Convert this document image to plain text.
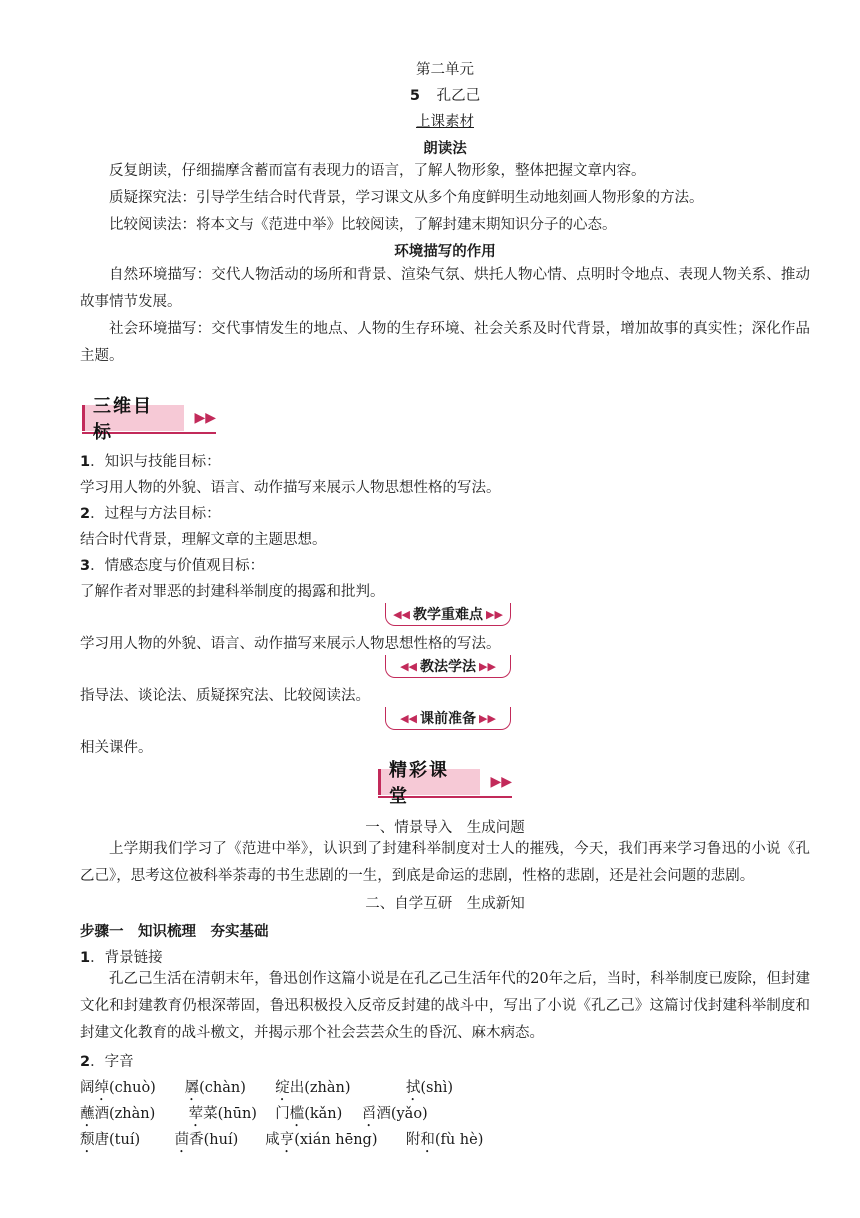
第二单元
5 孔乙己
上课素材
朗读法
反复朗读，仔细揣摩含蓄而富有表现力的语言，了解人物形象，整体把握文章内容。
质疑探究法：引导学生结合时代背景，学习课文从多个角度鲜明生动地刻画人物形象的方法。
比较阅读法：将本文与《范进中举》比较阅读，了解封建末期知识分子的心态。
环境描写的作用
自然环境描写：交代人物活动的场所和背景、渲染气氛、烘托人物心情、点明时令地点、表现人物关系、推动故事情节发展。
社会环境描写：交代事情发生的地点、人物的生存环境、社会关系及时代背景，增加故事的真实性；深化作品主题。
三维目标
▶▶
1．知识与技能目标：
学习用人物的外貌、语言、动作描写来展示人物思想性格的写法。
2．过程与方法目标：
结合时代背景，理解文章的主题思想。
3．情感态度与价值观目标：
了解作者对罪恶的封建科举制度的揭露和批判。
◀◀ 教学重难点 ▶▶
学习用人物的外貌、语言、动作描写来展示人物思想性格的写法。
◀◀ 教法学法 ▶▶
指导法、谈论法、质疑探究法、比较阅读法。
◀◀ 课前准备 ▶▶
相关课件。
精彩课堂
▶▶
一、情景导入　生成问题
上学期我们学习了《范进中举》，认识到了封建科举制度对士人的摧残，今天，我们再来学习鲁迅的小说《孔乙己》，思考这位被科举荼毒的书生悲剧的一生，到底是命运的悲剧，性格的悲剧，还是社会问题的悲剧。
二、自学互研　生成新知
步骤一　知识梳理　夯实基础
1．背景链接
孔乙己生活在清朝末年，鲁迅创作这篇小说是在孔乙己生活年代的20年之后，当时，科举制度已废除，但封建文化和封建教育仍根深蒂固，鲁迅积极投入反帝反封建的战斗中，写出了小说《孔乙己》这篇讨伐封建科举制度和封建文化教育的战斗檄文，并揭示那个社会芸芸众生的昏沉、麻木病态。
2．字音
阔绰(chuò) 羼(chàn) 绽出(zhàn)	拭(shì)
蘸酒(zhàn) 荤菜(hūn) 门槛(kǎn) 舀酒(yǎo)
颓唐(tuí) 茴香(huí) 咸亨(xián hēng) 附和(fù hè)
